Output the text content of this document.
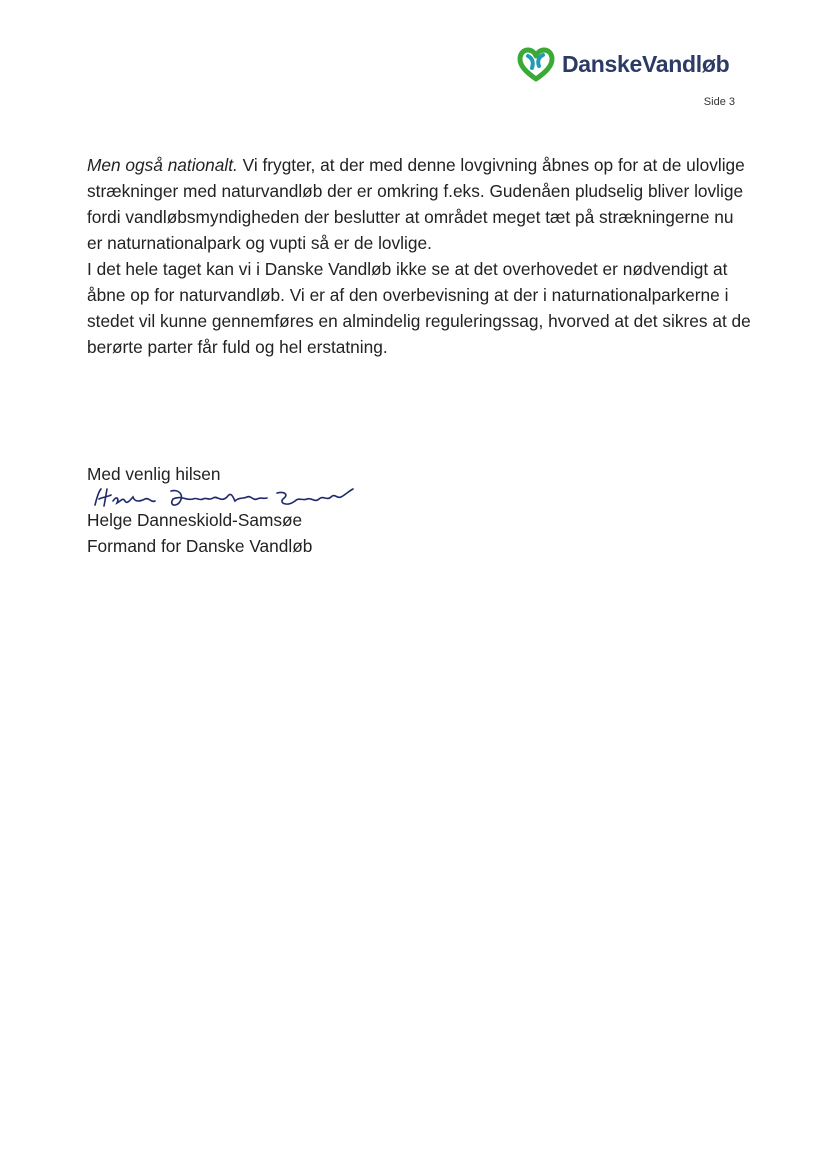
DanskeVandløb
Side 3

Men også nationalt. Vi frygter, at der med denne lovgivning åbnes op for at de ulovlige strækninger med naturvandløb der er omkring f.eks. Gudenåen pludselig bliver lovlige fordi vandløbsmyndigheden der beslutter at området meget tæt på strækningerne nu er naturnationalpark og vupti så er de lovlige.

I det hele taget kan vi i Danske Vandløb ikke se at det overhovedet er nødvendigt at åbne op for naturvandløb. Vi er af den overbevisning at der i naturnationalparkerne i stedet vil kunne gennemføres en almindelig reguleringssag, hvorved at det sikres at de berørte parter får fuld og hel erstatning.

Med venlig hilsen
Helge Danneskiold-Samsøe
Formand for Danske Vandløb
